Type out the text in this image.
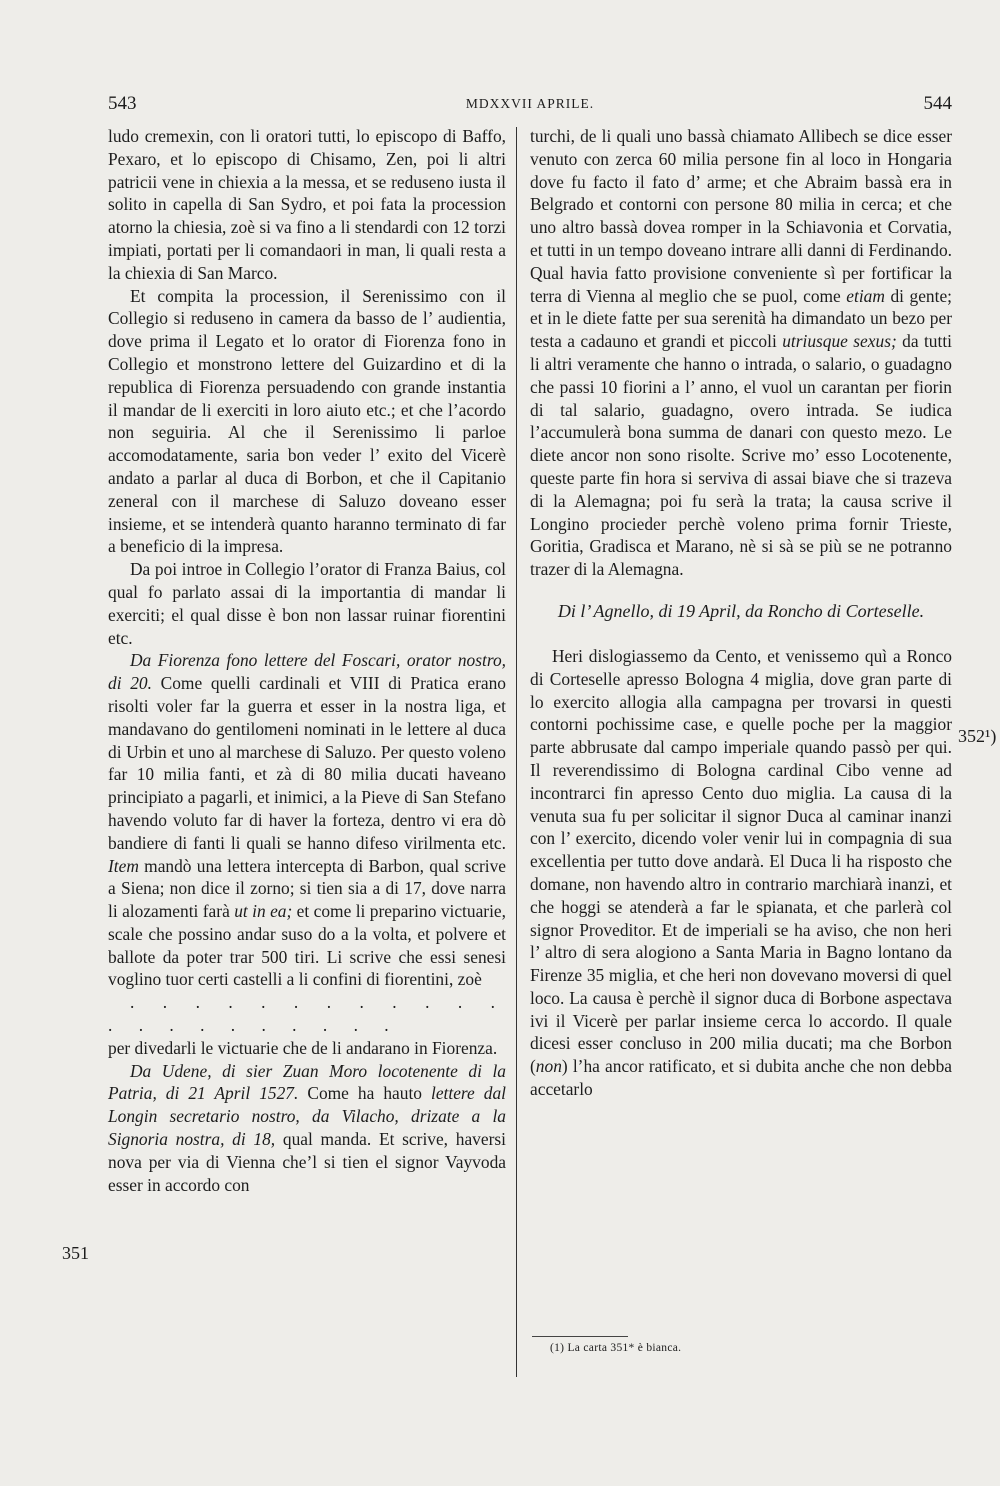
543	MDXXVII APRILE.	544

ludo cremexin, con li oratori tutti, lo episcopo di Baffo, Pexaro, et lo episcopo di Chisamo, Zen, poi li altri patricii vene in chiexia a la messa, et se reduseno iusta il solito in capella di San Sydro, et poi fata la procession atorno la chiesia, zoè si va fino a li stendardi con 12 torzi impiati, portati per li comandaori in man, li quali resta a la chiexia di San Marco.

Et compita la procession, il Serenissimo con il Collegio si reduseno in camera da basso de l’ audientia, dove prima il Legato et lo orator di Fiorenza fono in Collegio et monstrono lettere del Guizardino et di la republica di Fiorenza persuadendo con grande instantia il mandar de li exerciti in loro aiuto etc.; et che l’acordo non seguiria. Al che il Serenissimo li parloe accomodatamente, saria bon veder l’ exito del Vicerè andato a parlar al duca di Borbon, et che il Capitanio zeneral con il marchese di Saluzo doveano esser insieme, et se intenderà quanto haranno terminato di far a beneficio di la impresa.

Da poi introe in Collegio l’orator di Franza Baius, col qual fo parlato assai di la importantia di mandar li exerciti; el qual disse è bon non lassar ruinar fiorentini etc.

Da Fiorenza fono lettere del Foscari, orator nostro, di 20. Come quelli cardinali et VIII di Pratica erano risolti voler far la guerra et esser in la nostra liga, et mandavano do gentilomeni nominati in le lettere al duca di Urbin et uno al marchese di Saluzo. Per questo voleno far 10 milia fanti, et zà di 80 milia ducati haveano principiato a pagarli, et inimici, a la Pieve di San Stefano havendo voluto far di haver la forteza, dentro vi era dò bandiere di fanti li quali se hanno difeso virilmenta etc. Item mandò una lettera intercepta di Barbon, qual scrive a Siena; non dice il zorno; si tien sia a di 17, dove narra li alozamenti farà ut in ea; et come li preparino victuarie, scale che possino andar suso do a la volta, et polvere et ballote da poter trar 500 tiri. Li scrive che essi senesi voglino tuor certi castelli a li confini di fiorentini, zoè

. . . . . . . . . . . . . . . . . . . . . .

per divedarli le victuarie che de li andarano in Fiorenza.

Da Udene, di sier Zuan Moro locotenente di la Patria, di 21 April 1527. Come ha hauto lettere dal Longin secretario nostro, da Vilacho, drizate a la Signoria nostra, di 18, qual manda. Et scrive, haversi nova per via di Vienna che’l si tien el signor Vayvoda esser in accordo con

turchi, de li quali uno bassà chiamato Allibech se dice esser venuto con zerca 60 milia persone fin al loco in Hongaria dove fu facto il fato d’ arme; et che Abraim bassà era in Belgrado et contorni con persone 80 milia in cerca; et che uno altro bassà dovea romper in la Schiavonia et Corvatia, et tutti in un tempo doveano intrare alli danni di Ferdinando. Qual havia fatto provisione conveniente sì per fortificar la terra di Vienna al meglio che se puol, come etiam di gente; et in le diete fatte per sua serenità ha dimandato un bezo per testa a cadauno et grandi et piccoli utriusque sexus; da tutti li altri veramente che hanno o intrada, o salario, o guadagno che passi 10 fiorini a l’ anno, el vuol un carantan per fiorin di tal salario, guadagno, overo intrada. Se iudica l’accumulerà bona summa de danari con questo mezo. Le diete ancor non sono risolte. Scrive mo’ esso Locotenente, queste parte fin hora si serviva di assai biave che si trazeva di la Alemagna; poi fu serà la trata; la causa scrive il Longino procieder perchè voleno prima fornir Trieste, Goritia, Gradisca et Marano, nè si sà se più se ne potranno trazer di la Alemagna.

Di l’ Agnello, di 19 April, da Roncho di Corteselle.

Heri dislogiassemo da Cento, et venissemo quì a Ronco di Corteselle apresso Bologna 4 miglia, dove gran parte di lo exercito allogia alla campagna per trovarsi in questi contorni pochissime case, e quelle poche per la maggior parte abbrusate dal campo imperiale quando passò per qui. Il reverendissimo di Bologna cardinal Cibo venne ad incontrarci fin apresso Cento duo miglia. La causa di la venuta sua fu per solicitar il signor Duca al caminar inanzi con l’ exercito, dicendo voler venir lui in compagnia di sua excellentia per tutto dove andarà. El Duca li ha risposto che domane, non havendo altro in contrario marchiarà inanzi, et che hoggi se atenderà a far le spianata, et che parlerà col signor Proveditor. Et de imperiali se ha aviso, che non heri l’ altro di sera alogiono a Santa Maria in Bagno lontano da Firenze 35 miglia, et che heri non dovevano moversi di quel loco. La causa è perchè il signor duca di Borbone aspectava ivi il Vicerè per parlar insieme cerca lo accordo. Il quale dicesi esser concluso in 200 milia ducati; ma che Borbon (non) l’ha ancor ratificato, et si dubita anche che non debba accetarlo

351
352¹)
(1) La carta 351* è bianca.
